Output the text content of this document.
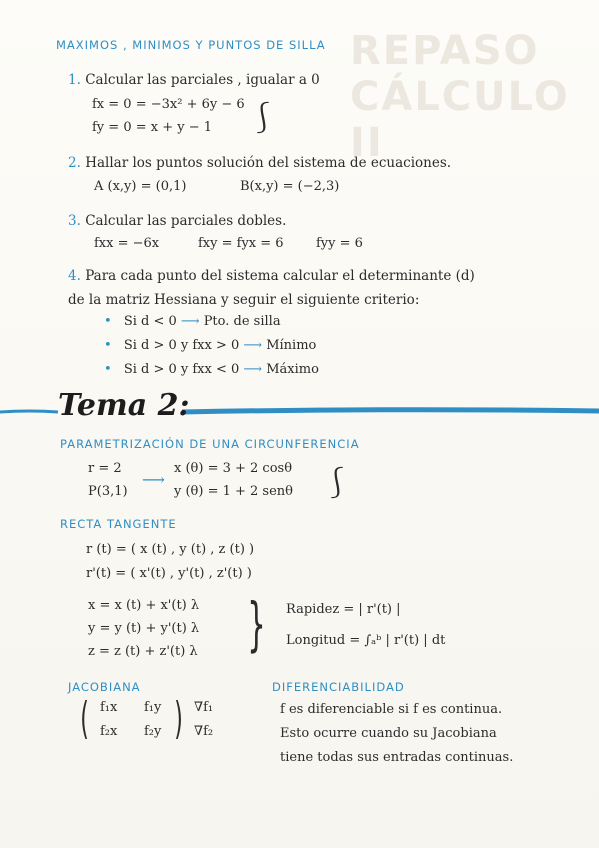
REPASO CÁLCULO II
MAXIMOS , MINIMOS Y PUNTOS DE SILLA
1. Calcular las parciales , igualar a 0
fx = 0 = −3x² + 6y − 6
fy = 0 = x + y − 1 ⎰
2. Hallar los puntos solución del sistema de ecuaciones.
A (x,y) = (0,1)	B(x,y) = (−2,3)
3. Calcular las parciales dobles.
fxx = −6x	fxy = fyx = 6 fyy = 6
4. Para cada punto del sistema calcular el determinante (d)
de la matriz Hessiana y seguir el siguiente criterio:
• Si d < 0 ⟶ Pto. de silla
• Si d > 0 y fxx > 0 ⟶ Mínimo
• Si d > 0 y fxx < 0 ⟶ Máximo
Tema 2:
PARAMETRIZACIÓN DE UNA CIRCUNFERENCIA
r = 2
P(3,1)
⟶
x (θ) = 3 + 2 cosθ
y (θ) = 1 + 2 senθ ⎰
RECTA TANGENTE
r (t) = ( x (t) , y (t) , z (t) )
r'(t) = ( x'(t) , y'(t) , z'(t) )
x = x (t) + x'(t) λ
y = y (t) + y'(t) λ
z = z (t) + z'(t) λ } Rapidez = | r'(t) |
Longitud = ∫ₐᵇ | r'(t) | dt
JACOBIANA
( f₁x f₁y
f₂x f₂y ) ∇f₁
∇f₂
DIFERENCIABILIDAD
f es diferenciable si f es continua.
Esto ocurre cuando su Jacobiana
tiene todas sus entradas continuas.
